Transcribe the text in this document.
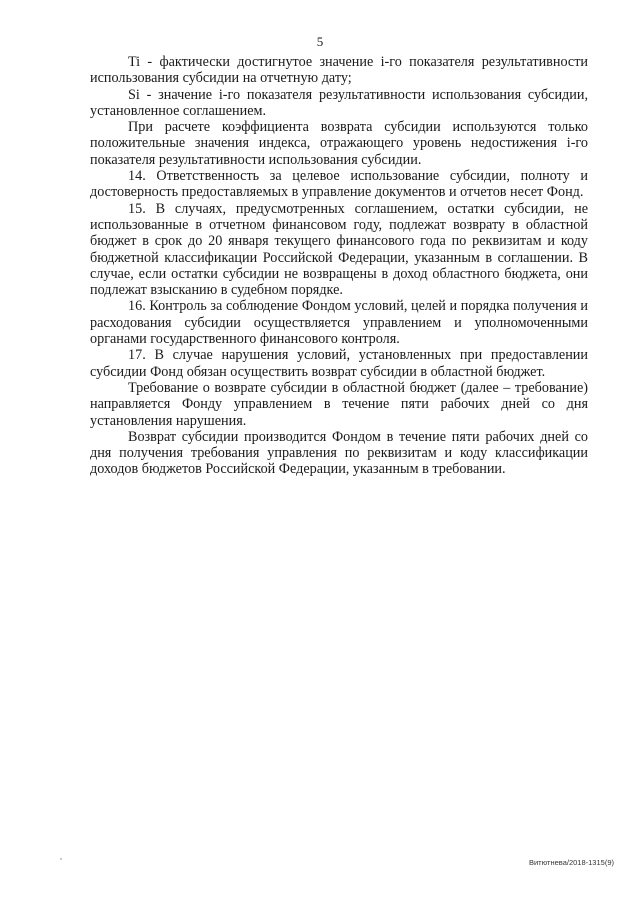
5

Ti - фактически достигнутое значение i-го показателя результативности использования субсидии на отчетную дату;

Si - значение i-го показателя результативности использования субсидии, установленное соглашением.

При расчете коэффициента возврата субсидии используются только положительные значения индекса, отражающего уровень недостижения i-го показателя результативности использования субсидии.

14. Ответственность за целевое использование субсидии, полноту и достоверность предоставляемых в управление документов и отчетов несет Фонд.

15. В случаях, предусмотренных соглашением, остатки субсидии, не использованные в отчетном финансовом году, подлежат возврату в областной бюджет в срок до 20 января текущего финансового года по реквизитам и коду бюджетной классификации Российской Федерации, указанным в соглашении. В случае, если остатки субсидии не возвращены в доход областного бюджета, они подлежат взысканию в судебном порядке.

16. Контроль за соблюдение Фондом условий, целей и порядка получения и расходования субсидии осуществляется управлением и уполномоченными органами государственного финансового контроля.

17. В случае нарушения условий, установленных при предоставлении субсидии Фонд обязан осуществить возврат субсидии в областной бюджет.

Требование о возврате субсидии в областной бюджет (далее – требование) направляется Фонду управлением в течение пяти рабочих дней со дня установления нарушения.

Возврат субсидии производится Фондом в течение пяти рабочих дней со дня получения требования управления по реквизитам и коду классификации доходов бюджетов Российской Федерации, указанным в требовании.

Витютнева/2018-1315(9)
